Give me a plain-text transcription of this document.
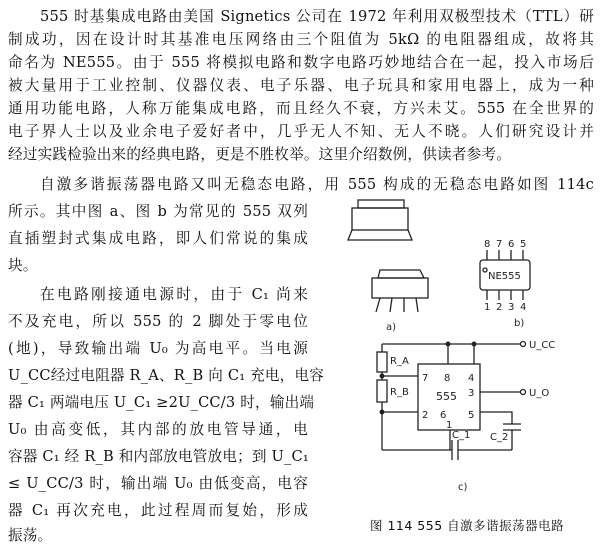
555 时基集成电路由美国 Signetics 公司在 1972 年利用双极型技术（TTL）研
制成功，因在设计时其基准电压网络由三个阻值为 5kΩ 的电阻器组成，故将其
命名为 NE555。由于 555 将模拟电路和数字电路巧妙地结合在一起，投入市场后
被大量用于工业控制、仪器仪表、电子乐器、电子玩具和家用电器上，成为一种
通用功能电路，人称万能集成电路，而且经久不衰，方兴未艾。555 在全世界的
电子界人士以及业余电子爱好者中，几乎无人不知、无人不晓。人们研究设计并
经过实践检验出来的经典电路，更是不胜枚举。这里介绍数例，供读者参考。
自激多谐振荡器电路又叫无稳态电路，用 555 构成的无稳态电路如图 114c
所示。其中图 a、图 b 为常见的 555 双列
直插塑封式集成电路，即人们常说的集成
块。
在电路刚接通电源时，由于 C₁ 尚来
不及充电，所以 555 的 2 脚处于零电位
(地)，导致输出端 U₀ 为高电平。当电源
U_CC经过电阻器 R_A、R_B 向 C₁ 充电，电容
器 C₁ 两端电压 U_C₁ ≥2U_CC/3 时，输出端
U₀ 由高变低，其内部的放电管导通，电
容器 C₁ 经 R_B 和内部放电管放电；到 U_C₁
≤ U_CC/3 时，输出端 U₀ 由低变高，电容
器 C₁ 再次充电，此过程周而复始，形成
振荡。
a)
8 7 6 5
NE555
1 2 3 4
b)
U_CC
R_A
R_B
7 8 4
3
555
2 6 5
1
U_O
C_1 C_2
c)
图 114 555 自激多谐振荡器电路
